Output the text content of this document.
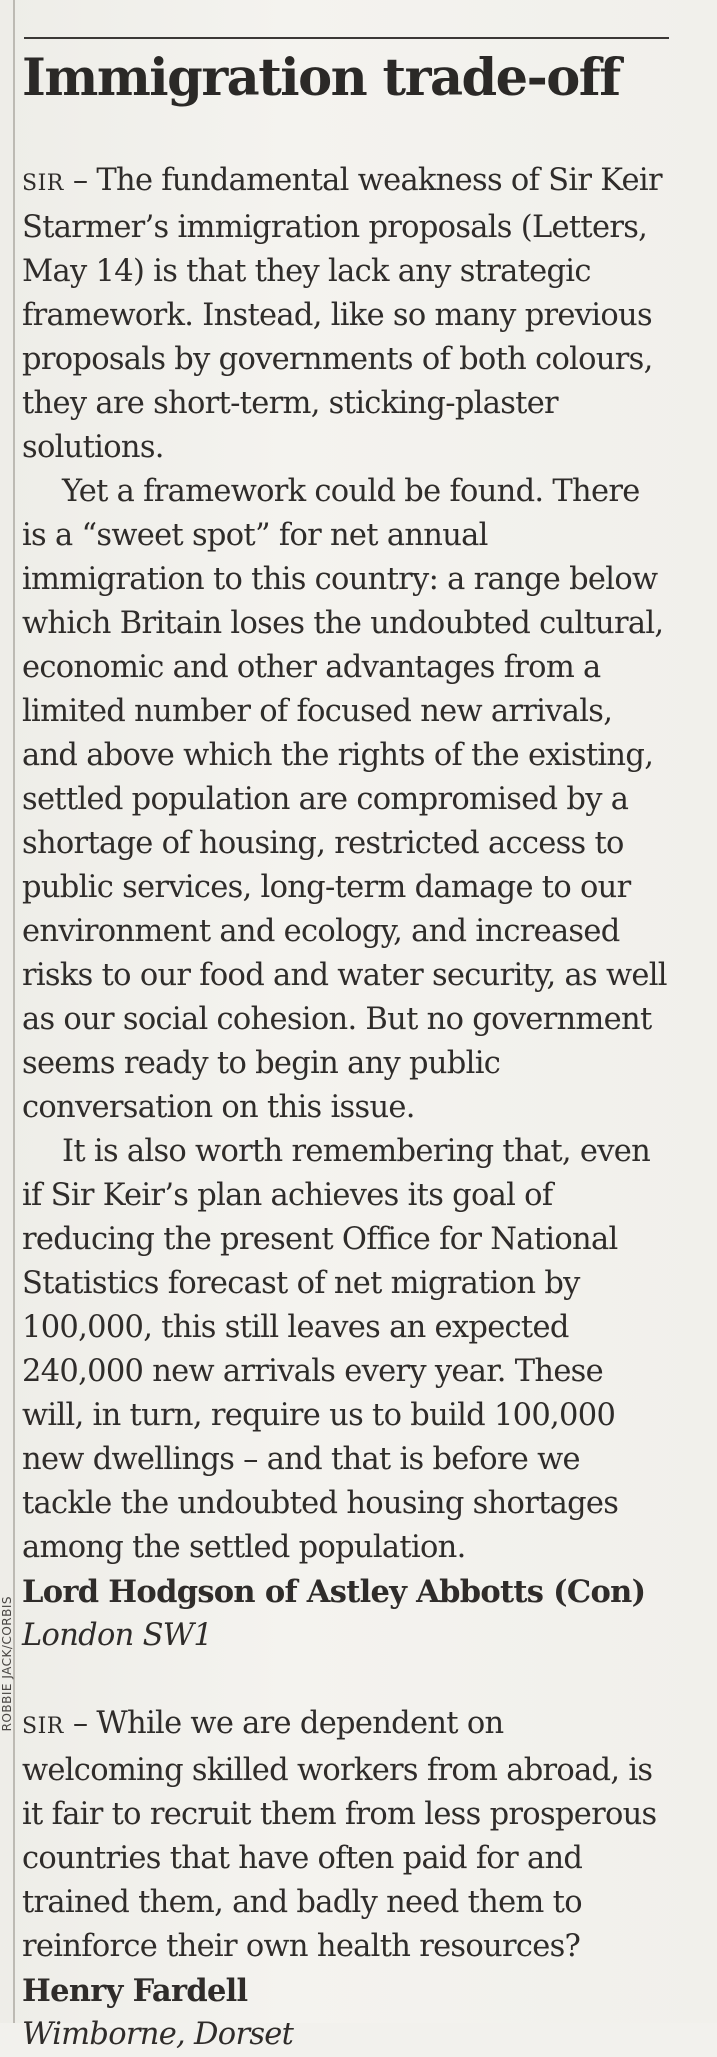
Immigration trade-off
ROBBIE JACK/CORBIS

SIR – The fundamental weakness of Sir Keir Starmer’s immigration proposals (Letters, May 14) is that they lack any strategic framework. Instead, like so many previous proposals by governments of both colours, they are short-term, sticking-plaster solutions.

Yet a framework could be found. There is a “sweet spot” for net annual immigration to this country: a range below which Britain loses the undoubted cultural, economic and other advantages from a limited number of focused new arrivals, and above which the rights of the existing, settled population are compromised by a shortage of housing, restricted access to public services, long-term damage to our environment and ecology, and increased risks to our food and water security, as well as our social cohesion. But no government seems ready to begin any public conversation on this issue.

It is also worth remembering that, even if Sir Keir’s plan achieves its goal of reducing the present Office for National Statistics forecast of net migration by 100,000, this still leaves an expected 240,000 new arrivals every year. These will, in turn, require us to build 100,000 new dwellings – and that is before we tackle the undoubted housing shortages among the settled population.

Lord Hodgson of Astley Abbotts (Con)

London SW1

SIR – While we are dependent on welcoming skilled workers from abroad, is it fair to recruit them from less prosperous countries that have often paid for and trained them, and badly need them to reinforce their own health resources?

Henry Fardell

Wimborne, Dorset
